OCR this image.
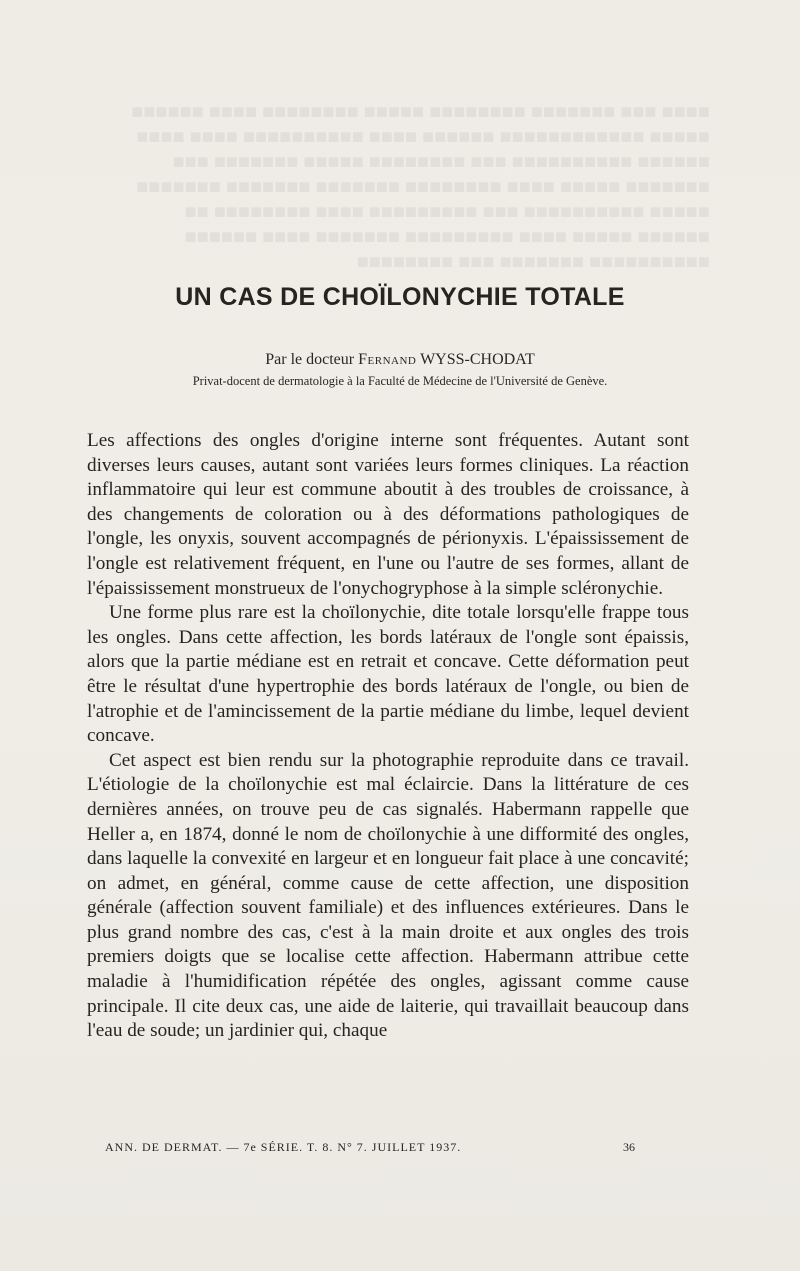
■■■■ ■■■ ■■■■■■■ ■■■■■■■■ ■■■■■ ■■■■■■■■ ■■■■ ■■■■■■ ■■■■■ ■■■■■■■■■■■■ ■■■■■■ ■■■■ ■■■■■■■■■■ ■■■■ ■■■■ ■■■■■■ ■■■■■■■■■■ ■■■ ■■■■■■■■ ■■■■■ ■■■■■■■ ■■■ ■■■■■■■ ■■■■■ ■■■■ ■■■■■■■■ ■■■■■■■ ■■■■■■■ ■■■■■■■ ■■■■■ ■■■■■■■■■■ ■■■ ■■■■■■■■■ ■■■■ ■■■■■■■■ ■■ ■■■■■■ ■■■■■ ■■■■ ■■■■■■■■■ ■■■■■■■ ■■■■ ■■■■■■ ■■■■■■■■■■ ■■■■■■■ ■■■ ■■■■■■■■
UN CAS DE CHOÏLONYCHIE TOTALE
Par le docteur Fernand WYSS-CHODAT
Privat-docent de dermatologie à la Faculté de Médecine de l'Université de Genève.

Les affections des ongles d'origine interne sont fréquentes. Autant sont diverses leurs causes, autant sont variées leurs formes cliniques. La réaction inflammatoire qui leur est commune aboutit à des troubles de croissance, à des changements de coloration ou à des déformations pathologiques de l'ongle, les onyxis, souvent accompagnés de périonyxis. L'épaississement de l'ongle est relativement fréquent, en l'une ou l'autre de ses formes, allant de l'épaississement monstrueux de l'onychogryphose à la simple scléronychie.

Une forme plus rare est la choïlonychie, dite totale lorsqu'elle frappe tous les ongles. Dans cette affection, les bords latéraux de l'ongle sont épaissis, alors que la partie médiane est en retrait et concave. Cette déformation peut être le résultat d'une hypertrophie des bords latéraux de l'ongle, ou bien de l'atrophie et de l'amincissement de la partie médiane du limbe, lequel devient concave.

Cet aspect est bien rendu sur la photographie reproduite dans ce travail. L'étiologie de la choïlonychie est mal éclaircie. Dans la littérature de ces dernières années, on trouve peu de cas signalés. Habermann rappelle que Heller a, en 1874, donné le nom de choïlonychie à une difformité des ongles, dans laquelle la convexité en largeur et en longueur fait place à une concavité; on admet, en général, comme cause de cette affection, une disposition générale (affection souvent familiale) et des influences extérieures. Dans le plus grand nombre des cas, c'est à la main droite et aux ongles des trois premiers doigts que se localise cette affection. Habermann attribue cette maladie à l'humidification répétée des ongles, agissant comme cause principale. Il cite deux cas, une aide de laiterie, qui travaillait beaucoup dans l'eau de soude; un jardinier qui, chaque

ANN. DE DERMAT. — 7e SÉRIE. T. 8. N° 7. JUILLET 1937.	36
